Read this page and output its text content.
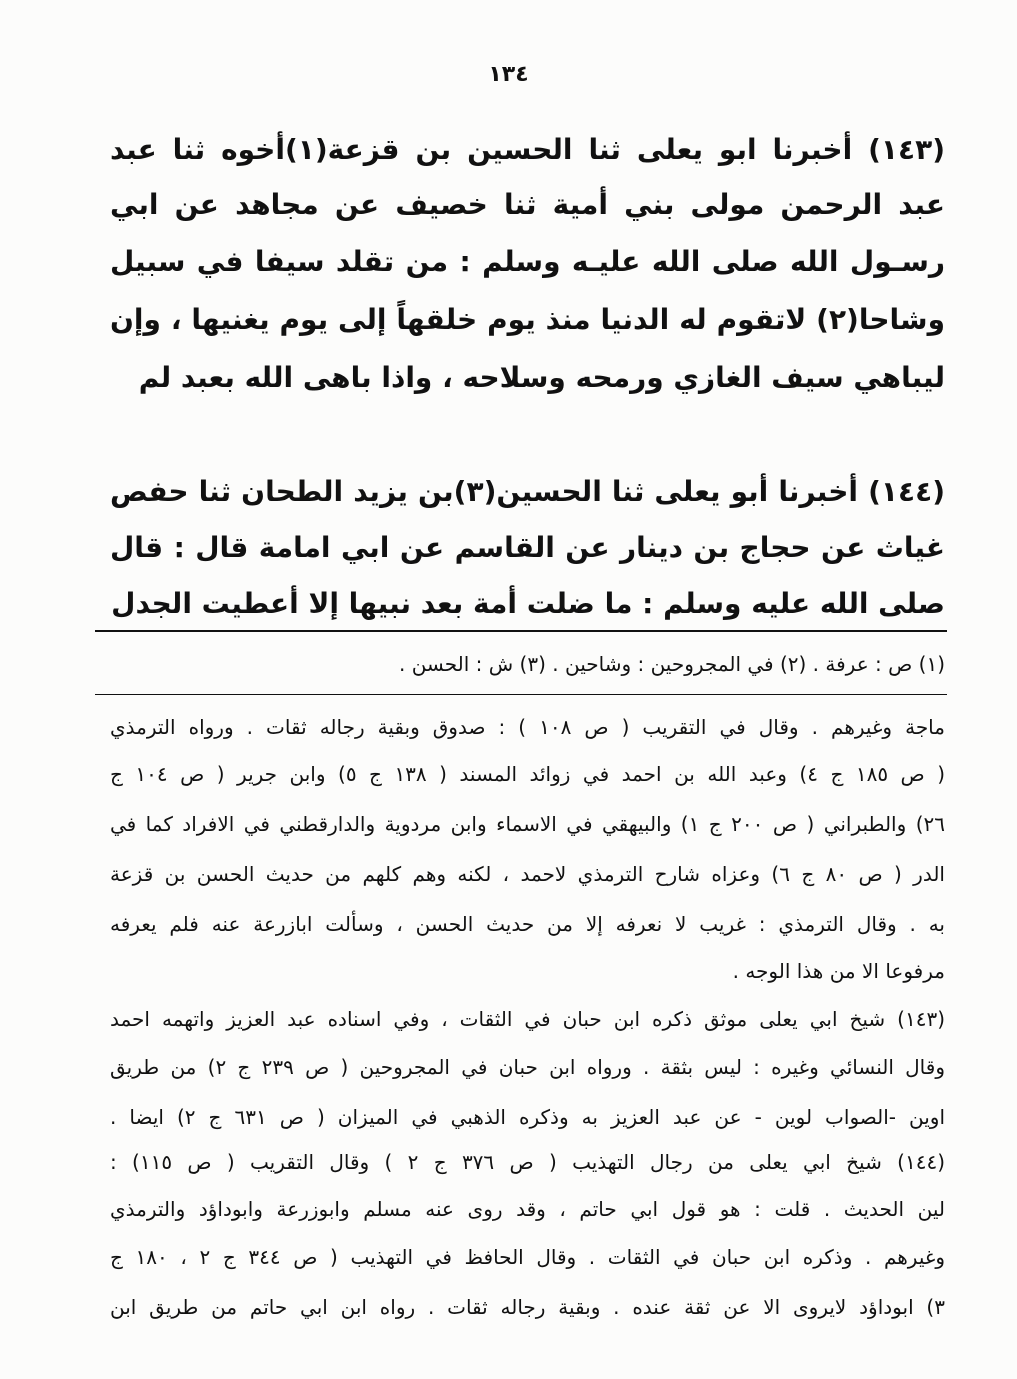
١٣٤
(١٤٣) أخبرنا ابو يعلى ثنا الحسين بن قزعة(١)أخوه ثنا عبد
عبد الرحمن مولى بني أمية ثنا خصيف عن مجاهد عن ابي
رسـول الله صلى الله عليـه وسلم : من تقلد سيفا في سبيل
وشاحا(٢) لاتقوم له الدنيا منذ يوم خلقهاً إلى يوم يغنيها ، وإن
ليباهي سيف الغازي ورمحه وسلاحه ، واذا باهى الله بعبد لم
(١٤٤) أخبرنا أبو يعلى ثنا الحسين(٣)بن يزيد الطحان ثنا حفص
غياث عن حجاج بن دينار عن القاسم عن ابي امامة قال : قال
صلى الله عليه وسلم : ما ضلت أمة بعد نبيها إلا أعطيت الجدل
(١) ص : عرفة . (٢) في المجروحين : وشاحين . (٣) ش : الحسن .
ماجة وغيرهم . وقال في التقريب ( ص ١٠٨ ) : صدوق وبقية رجاله ثقات . ورواه الترمذي
( ص ١٨٥ ج ٤) وعبد الله بن احمد في زوائد المسند ( ١٣٨ ج ٥) وابن جرير ( ص ١٠٤ ج
٢٦) والطبراني ( ص ٢٠٠ ج ١) والبيهقي في الاسماء وابن مردوية والدارقطني في الافراد كما في
الدر ( ص ٨٠ ج ٦) وعزاه شارح الترمذي لاحمد ، لكنه وهم كلهم من حديث الحسن بن قزعة
به . وقال الترمذي : غريب لا نعرفه إلا من حديث الحسن ، وسألت ابازرعة عنه فلم يعرفه
مرفوعا الا من هذا الوجه .
(١٤٣) شيخ ابي يعلى موثق ذكره ابن حبان في الثقات ، وفي اسناده عبد العزيز واتهمه احمد
وقال النسائي وغيره : ليس بثقة . ورواه ابن حبان في المجروحين ( ص ٢٣٩ ج ٢) من طريق
اوين -الصواب لوين - عن عبد العزيز به وذكره الذهبي في الميزان ( ص ٦٣١ ج ٢) ايضا .
(١٤٤) شيخ ابي يعلى من رجال التهذيب ( ص ٣٧٦ ج ٢ ) وقال التقريب ( ص ١١٥) :
لين الحديث . قلت : هو قول ابي حاتم ، وقد روى عنه مسلم وابوزرعة وابوداؤد والترمذي
وغيرهم . وذكره ابن حبان في الثقات . وقال الحافظ في التهذيب ( ص ٣٤٤ ج ٢ ، ١٨٠ ج
٣) ابوداؤد لايروى الا عن ثقة عنده . وبقية رجاله ثقات . رواه ابن ابي حاتم من طريق ابن
